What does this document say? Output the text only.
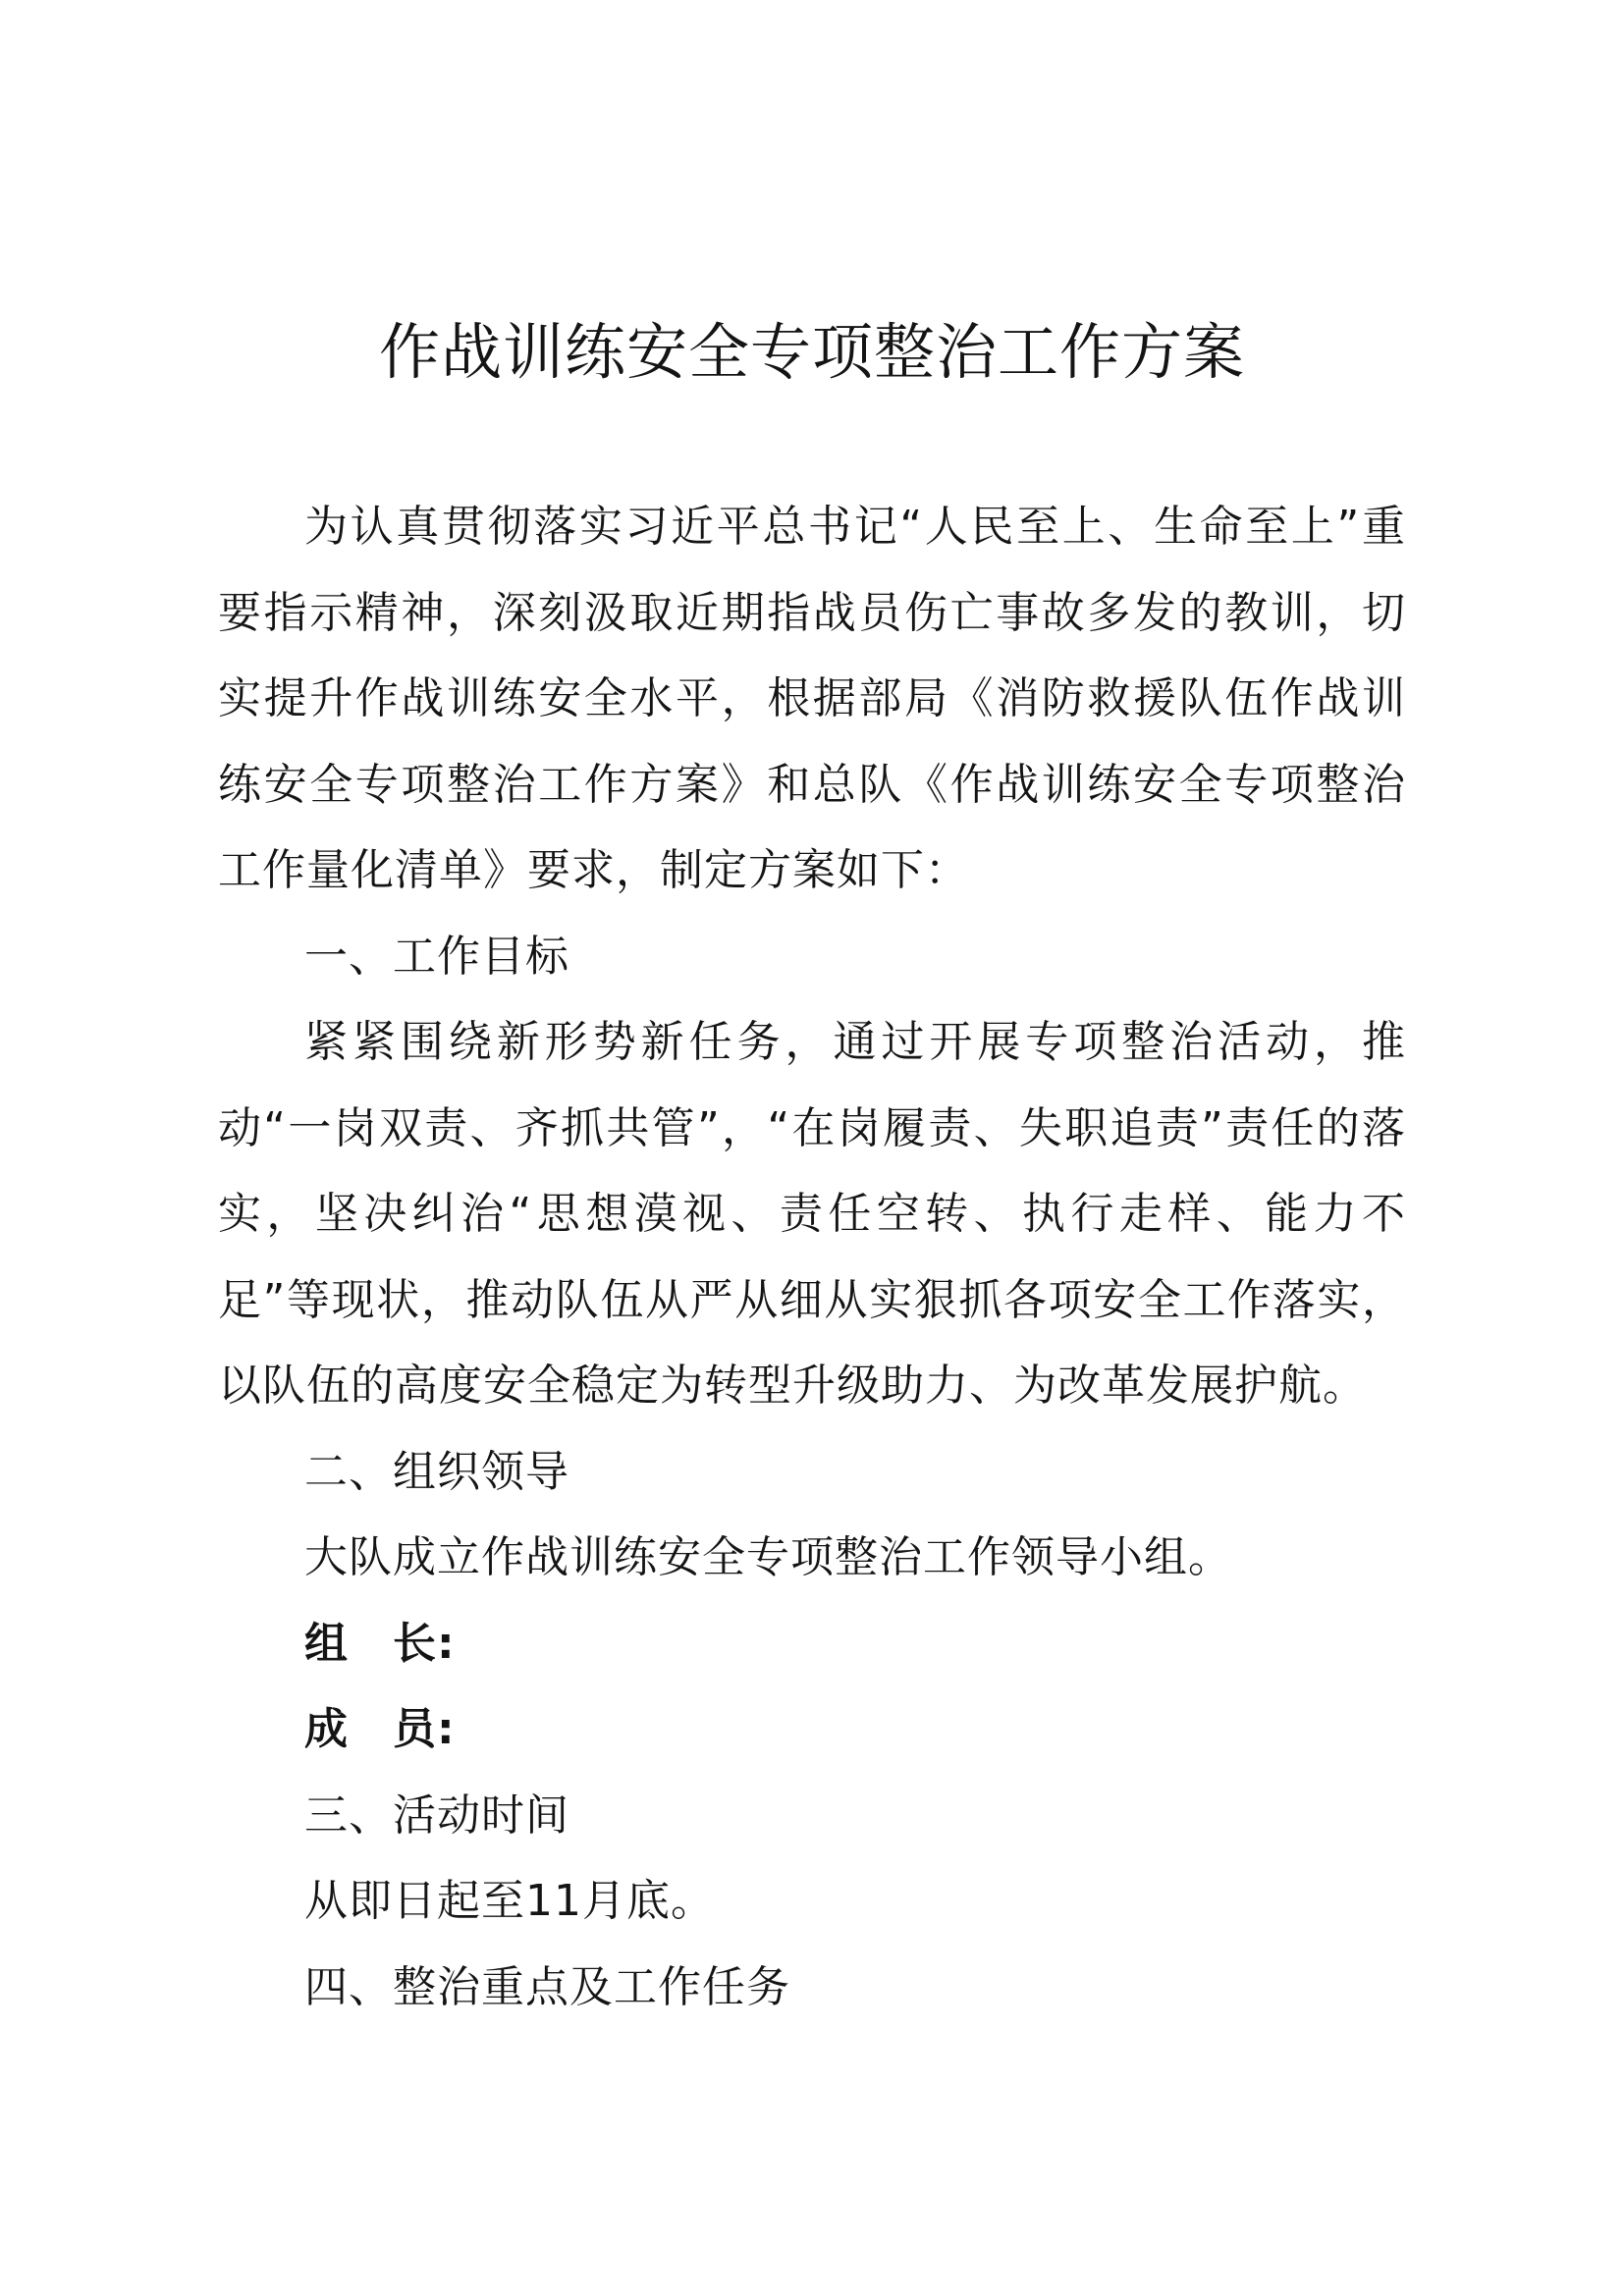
作战训练安全专项整治工作方案

为认真贯彻落实习近平总书记“人民至上、生命至上”重要指示精神，深刻汲取近期指战员伤亡事故多发的教训，切实提升作战训练安全水平，根据部局《消防救援队伍作战训练安全专项整治工作方案》和总队《作战训练安全专项整治工作量化清单》要求，制定方案如下：

一、工作目标

紧紧围绕新形势新任务，通过开展专项整治活动，推动“一岗双责、齐抓共管”，“在岗履责、失职追责”责任的落实，坚决纠治“思想漠视、责任空转、执行走样、能力不足”等现状，推动队伍从严从细从实狠抓各项安全工作落实，以队伍的高度安全稳定为转型升级助力、为改革发展护航。

二、组织领导

大队成立作战训练安全专项整治工作领导小组。

组　长:

成　员:

三、活动时间

从即日起至11月底。

四、整治重点及工作任务
